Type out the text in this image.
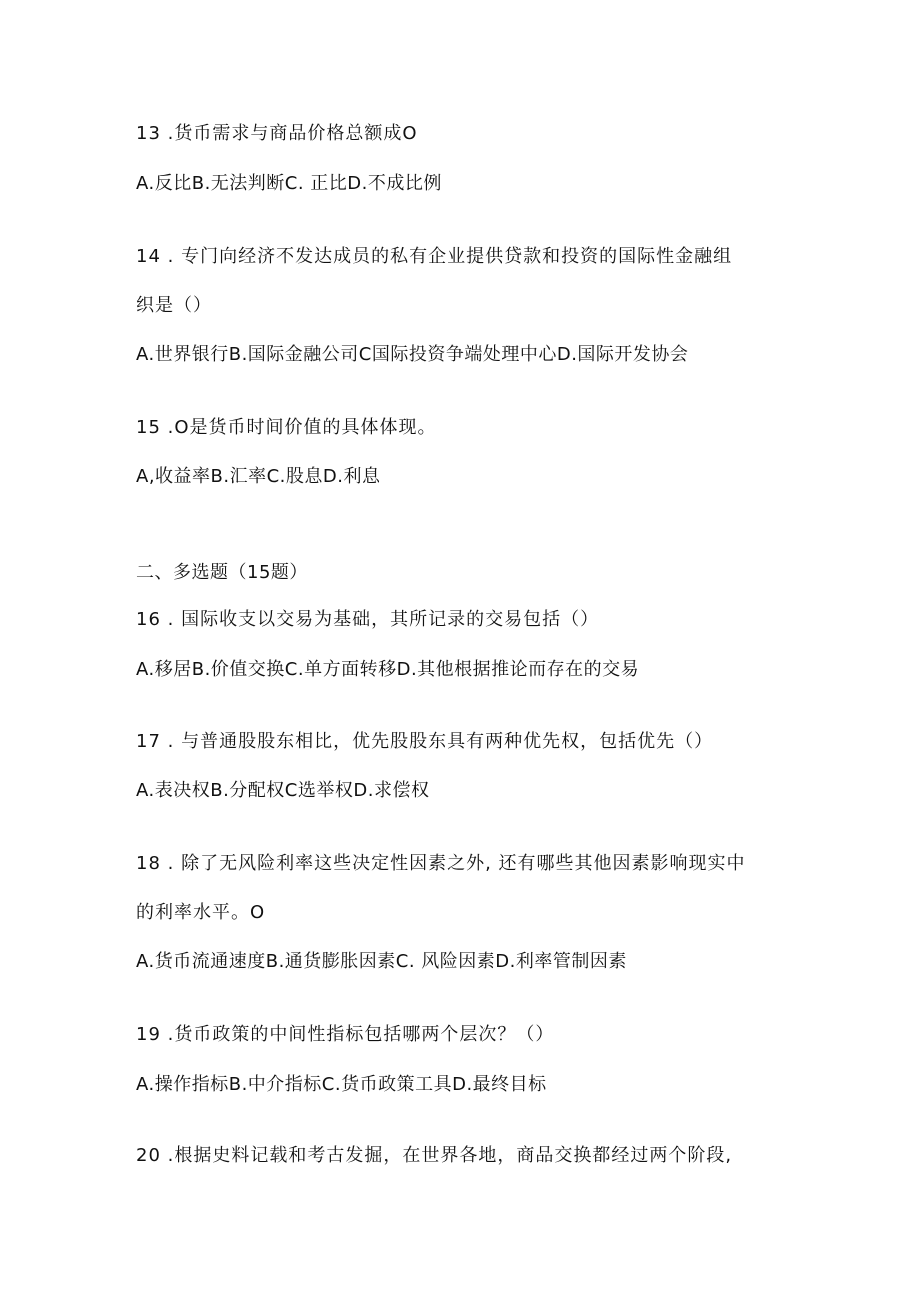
13 .货币需求与商品价格总额成O
A.反比B.无法判断C. 正比D.不成比例
14 . 专门向经济不发达成员的私有企业提供贷款和投资的国际性金融组
织是（）
A.世界银行B.国际金融公司C国际投资争端处理中心D.国际开发协会
15 .O是货币时间价值的具体体现。
A,收益率B.汇率C.股息D.利息
二、多选题（15题）
16 . 国际收支以交易为基础，其所记录的交易包括（）
A.移居B.价值交换C.单方面转移D.其他根据推论而存在的交易
17 . 与普通股股东相比，优先股股东具有两种优先权，包括优先（）
A.表决权B.分配权C选举权D.求偿权
18 . 除了无风险利率这些决定性因素之外, 还有哪些其他因素影响现实中
的利率水平。O
A.货币流通速度B.通货膨胀因素C. 风险因素D.利率管制因素
19 .货币政策的中间性指标包括哪两个层次？（）
A.操作指标B.中介指标C.货币政策工具D.最终目标
20 .根据史料记载和考古发掘，在世界各地，商品交换都经过两个阶段,
